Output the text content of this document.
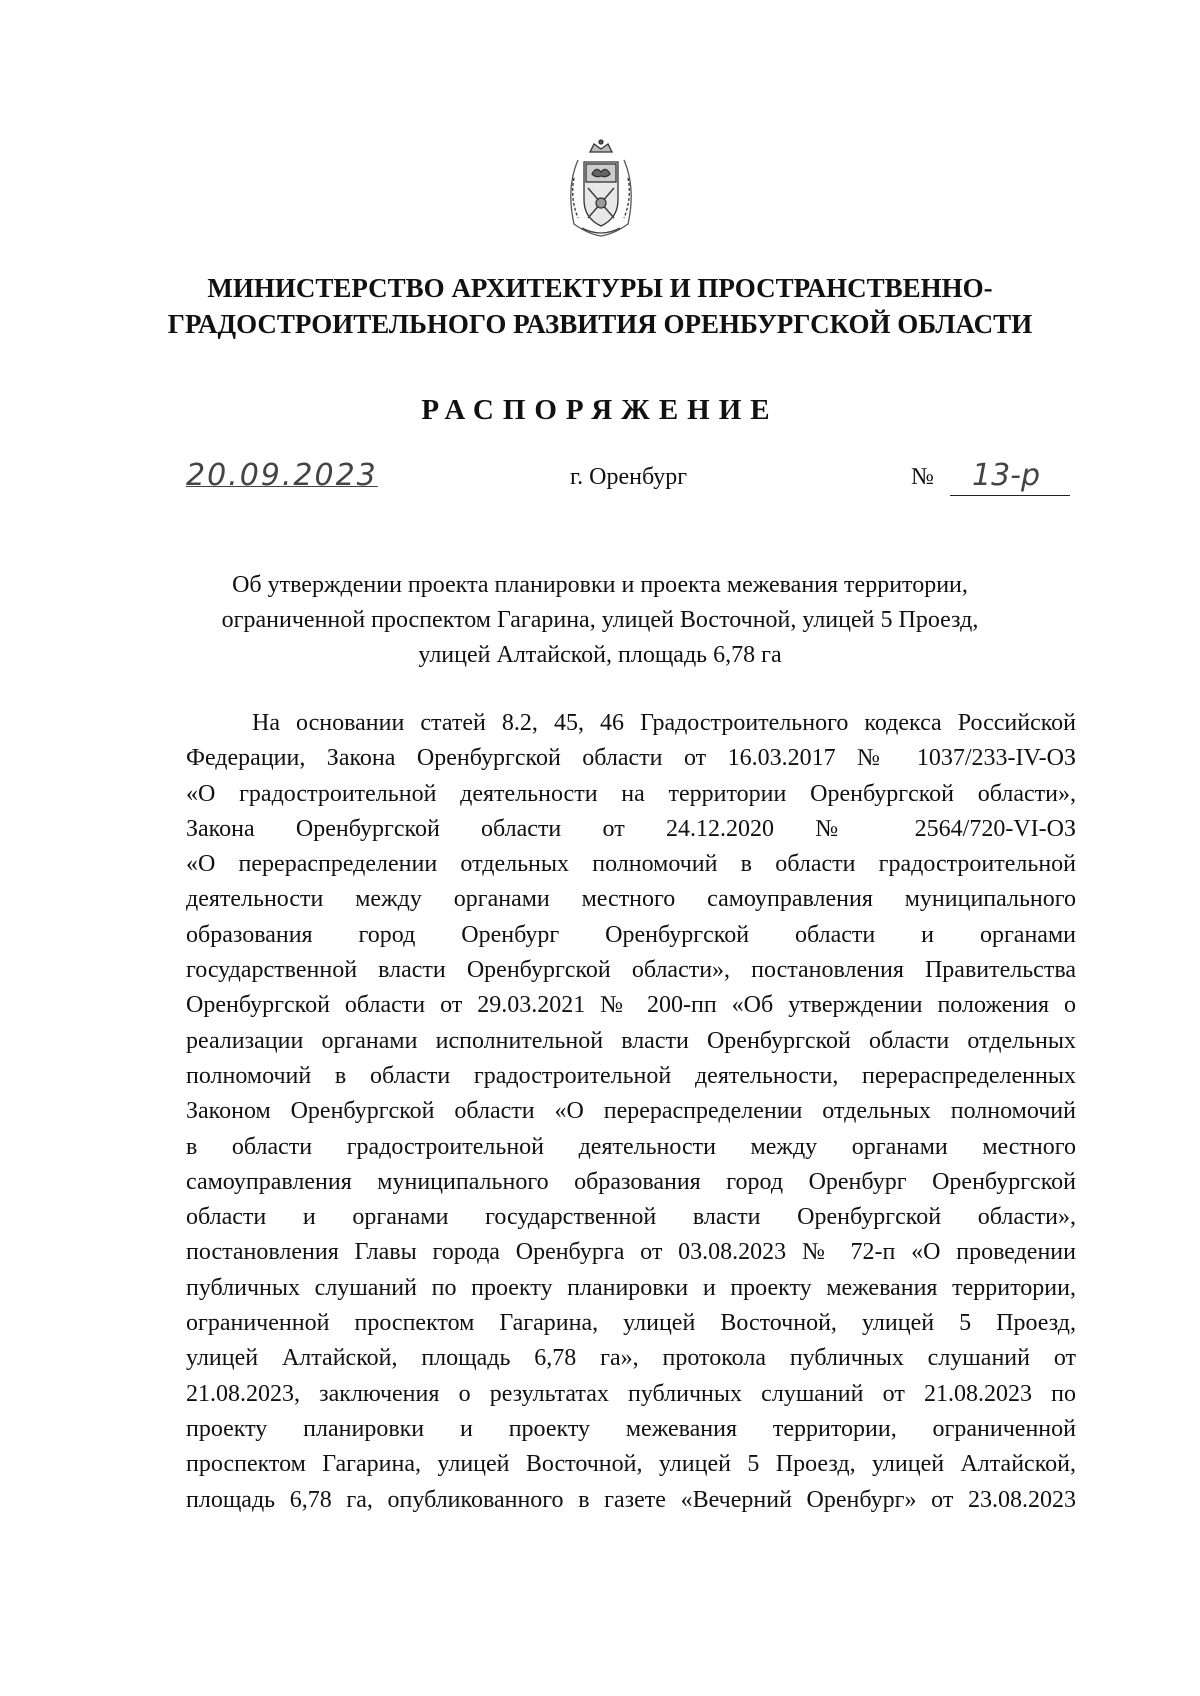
МИНИСТЕРСТВО АРХИТЕКТУРЫ И ПРОСТРАНСТВЕННО-
ГРАДОСТРОИТЕЛЬНОГО РАЗВИТИЯ ОРЕНБУРГСКОЙ ОБЛАСТИ
РАСПОРЯЖЕНИЕ
20.09.2023	г. Оренбург	№	13-р
Об утверждении проекта планировки и проекта межевания территории,
ограниченной проспектом Гагарина, улицей Восточной, улицей 5 Проезд,
улицей Алтайской, площадь 6,78 га
На основании статей 8.2, 45, 46 Градостроительного кодекса Российской
Федерации, Закона Оренбургской области от 16.03.2017 № 1037/233-IV-ОЗ
«О градостроительной деятельности на территории Оренбургской области»,
Закона Оренбургской области от 24.12.2020 № 2564/720-VI-ОЗ
«О перераспределении отдельных полномочий в области градостроительной
деятельности между органами местного самоуправления муниципального
образования город Оренбург Оренбургской области и органами
государственной власти Оренбургской области», постановления Правительства
Оренбургской области от 29.03.2021 № 200-пп «Об утверждении положения о
реализации органами исполнительной власти Оренбургской области отдельных
полномочий в области градостроительной деятельности, перераспределенных
Законом Оренбургской области «О перераспределении отдельных полномочий
в области градостроительной деятельности между органами местного
самоуправления муниципального образования город Оренбург Оренбургской
области и органами государственной власти Оренбургской области»,
постановления Главы города Оренбурга от 03.08.2023 № 72-п «О проведении
публичных слушаний по проекту планировки и проекту межевания территории,
ограниченной проспектом Гагарина, улицей Восточной, улицей 5 Проезд,
улицей Алтайской, площадь 6,78 га», протокола публичных слушаний от
21.08.2023, заключения о результатах публичных слушаний от 21.08.2023 по
проекту планировки и проекту межевания территории, ограниченной
проспектом Гагарина, улицей Восточной, улицей 5 Проезд, улицей Алтайской,
площадь 6,78 га, опубликованного в газете «Вечерний Оренбург» от 23.08.2023
